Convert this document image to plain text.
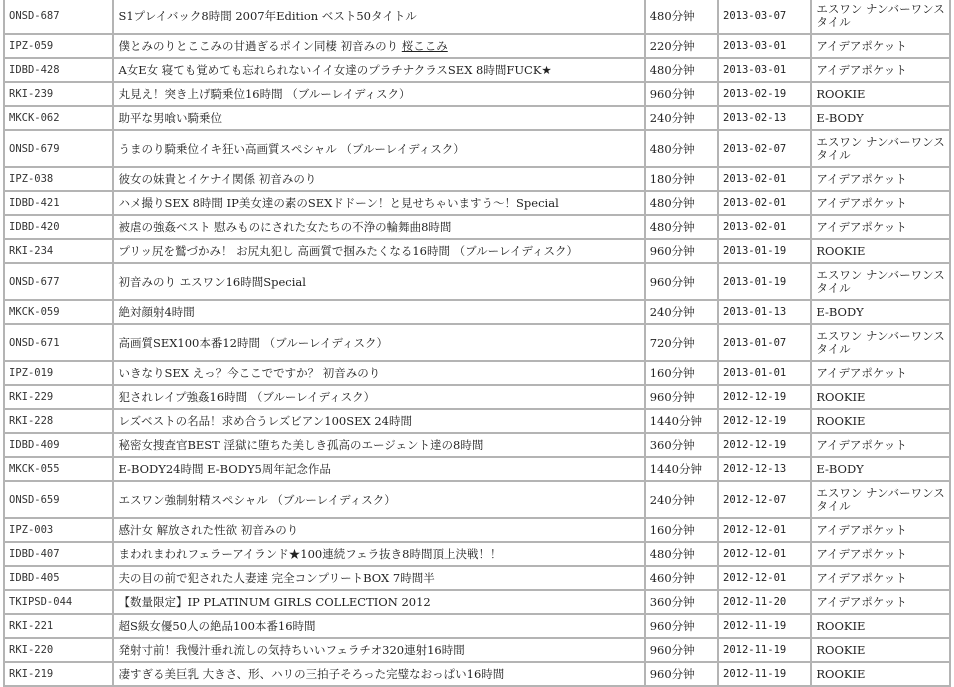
ONSD-687	S1プレイバック8時間 2007年Edition ベスト50タイトル	480分钟	2013-03-07	エスワン ナンバーワンスタイル
IPZ-059	僕とみのりとここみの甘過ぎるポイン同棲 初音みのり 桜ここみ	220分钟	2013-03-01	アイデアポケット
IDBD-428	A女E女 寝ても覚めても忘れられないイイ女達のプラチナクラスSEX 8時間FUCK★	480分钟	2013-03-01	アイデアポケット
RKI-239	丸見え！突き上げ騎乗位16時間 （ブルーレイディスク）	960分钟	2013-02-19	ROOKIE
MKCK-062	助平な男喰い騎乗位	240分钟	2013-02-13	E-BODY
ONSD-679	うまのり騎乗位イキ狂い高画質スペシャル （ブルーレイディスク）	480分钟	2013-02-07	エスワン ナンバーワンスタイル
IPZ-038	彼女の妹貴とイケナイ関係 初音みのり	180分钟	2013-02-01	アイデアポケット
IDBD-421	ハメ撮りSEX 8時間 IP美女達の素のSEXドドーン！と見せちゃいますう～！Special	480分钟	2013-02-01	アイデアポケット
IDBD-420	被虐の強姦ベスト 慰みものにされた女たちの不浄の輪舞曲8時間	480分钟	2013-02-01	アイデアポケット
RKI-234	プリッ尻を鷲づかみ！ お尻丸犯し 高画質で掴みたくなる16時間 （ブルーレイディスク）	960分钟	2013-01-19	ROOKIE
ONSD-677	初音みのり エスワン16時間Special	960分钟	2013-01-19	エスワン ナンバーワンスタイル
MKCK-059	絶対顔射4時間	240分钟	2013-01-13	E-BODY
ONSD-671	高画質SEX100本番12時間 （ブルーレイディスク）	720分钟	2013-01-07	エスワン ナンバーワンスタイル
IPZ-019	いきなりSEX えっ？今ここでですか？ 初音みのり	160分钟	2013-01-01	アイデアポケット
RKI-229	犯されレイプ強姦16時間 （ブルーレイディスク）	960分钟	2012-12-19	ROOKIE
RKI-228	レズベストの名品！求め合うレズビアン100SEX 24時間	1440分钟	2012-12-19	ROOKIE
IDBD-409	秘密女捜査官BEST 淫獄に堕ちた美しき孤高のエージェント達の8時間	360分钟	2012-12-19	アイデアポケット
MKCK-055	E-BODY24時間 E-BODY5周年記念作品	1440分钟	2012-12-13	E-BODY
ONSD-659	エスワン強制射精スペシャル （ブルーレイディスク）	240分钟	2012-12-07	エスワン ナンバーワンスタイル
IPZ-003	感汁女 解放された性欲 初音みのり	160分钟	2012-12-01	アイデアポケット
IDBD-407	まわれまわれフェラーアイランド★100連続フェラ抜き8時間頂上決戦！！	480分钟	2012-12-01	アイデアポケット
IDBD-405	夫の目の前で犯された人妻達 完全コンプリートBOX 7時間半	460分钟	2012-12-01	アイデアポケット
TKIPSD-044	【数量限定】IP PLATINUM GIRLS COLLECTION 2012	360分钟	2012-11-20	アイデアポケット
RKI-221	超S級女優50人の絶品100本番16時間	960分钟	2012-11-19	ROOKIE
RKI-220	発射寸前！我慢汁垂れ流しの気持ちいいフェラチオ320連射16時間	960分钟	2012-11-19	ROOKIE
RKI-219	凄すぎる美巨乳 大きさ、形、ハリの三拍子そろった完璧なおっぱい16時間	960分钟	2012-11-19	ROOKIE
